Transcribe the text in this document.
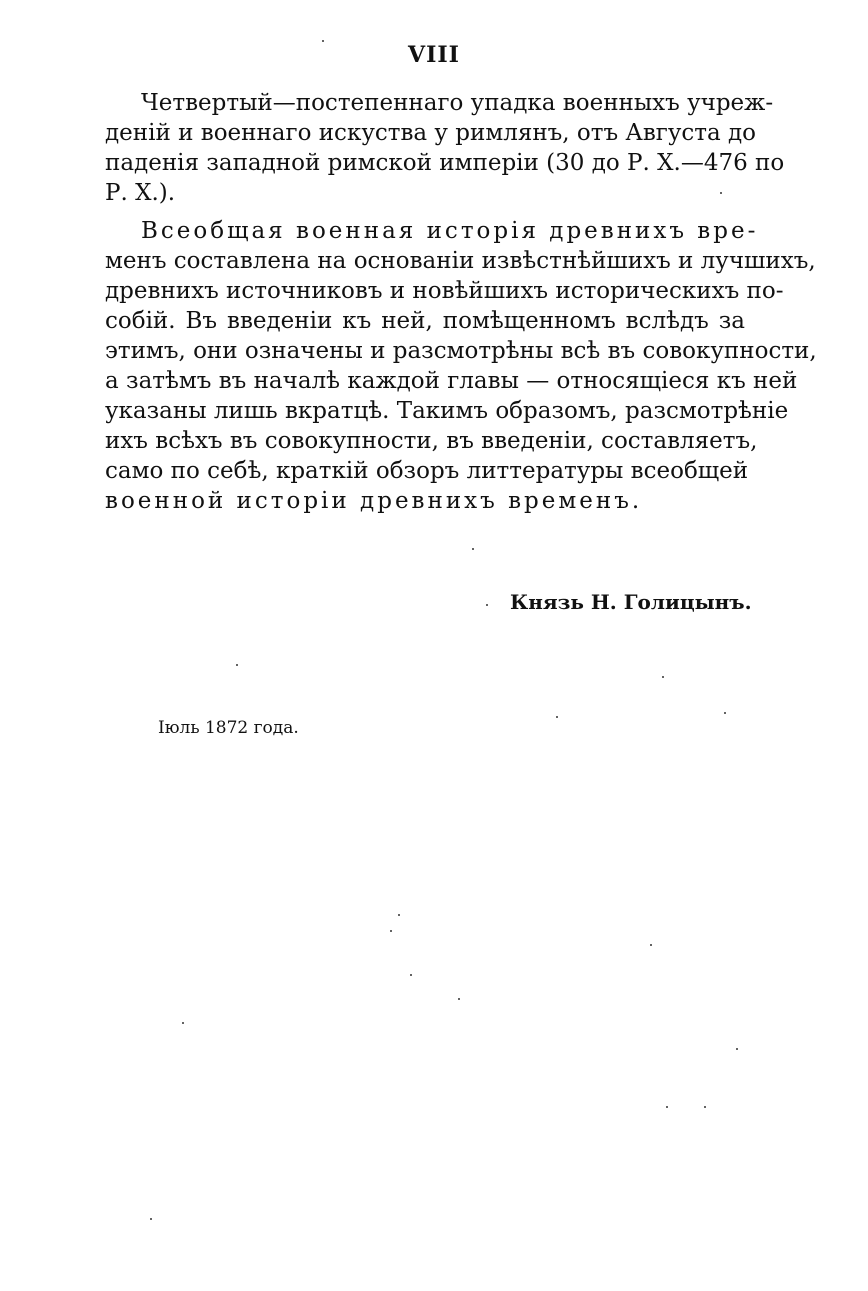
VIII
Четвертый—постепеннаго упадка военныхъ учреж-
деній и военнаго искуства у римлянъ, отъ Августа до
паденія западной римской имперіи (30 до Р. Х.—476 по
Р. Х.).
Всеобщая военная исторія древнихъ вре-
менъ составлена на основаніи извѣстнѣйшихъ и лучшихъ,
древнихъ источниковъ и новѣйшихъ историческихъ по-
собій. Въ введеніи къ ней, помѣщенномъ вслѣдъ за
этимъ, они означены и разсмотрѣны всѣ въ совокупности,
а затѣмъ въ началѣ каждой главы — относящіеся къ ней
указаны лишь вкратцѣ. Такимъ образомъ, разсмотрѣніе
ихъ всѣхъ въ совокупности, въ введеніи, составляетъ,
само по себѣ, краткій обзоръ литтературы всеобщей
военной исторіи древнихъ временъ.
Князь Н. Голицынъ.
Іюль 1872 года.
